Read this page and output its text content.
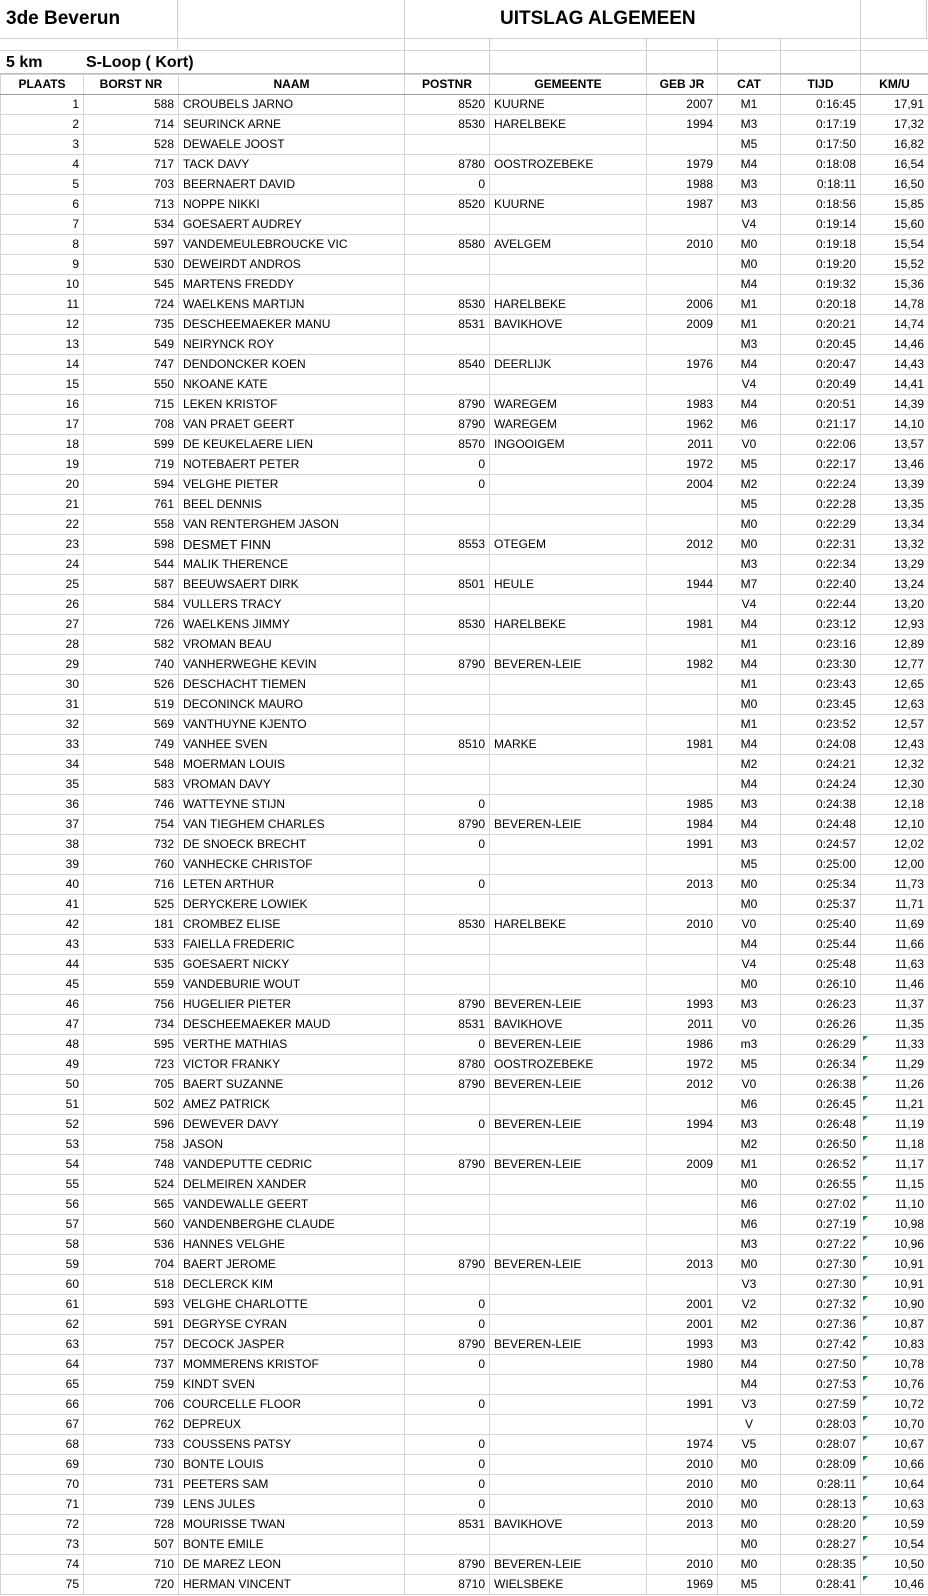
3de Beverun	UITSLAG ALGEMEEN
5 km	S-Loop ( Kort)
PLAATS	BORST NR	NAAM	POSTNR	GEMEENTE	GEB JR	CAT	TIJD	KM/U
1	588	CROUBELS JARNO	8520	KUURNE	2007	M1	0:16:45	17,91
2	714	SEURINCK ARNE	8530	HARELBEKE	1994	M3	0:17:19	17,32
3	528	DEWAELE JOOST				M5	0:17:50	16,82
4	717	TACK DAVY	8780	OOSTROZEBEKE	1979	M4	0:18:08	16,54
5	703	BEERNAERT DAVID	0		1988	M3	0:18:11	16,50
6	713	NOPPE NIKKI	8520	KUURNE	1987	M3	0:18:56	15,85
7	534	GOESAERT AUDREY				V4	0:19:14	15,60
8	597	VANDEMEULEBROUCKE VIC	8580	AVELGEM	2010	M0	0:19:18	15,54
9	530	DEWEIRDT ANDROS				M0	0:19:20	15,52
10	545	MARTENS FREDDY				M4	0:19:32	15,36
11	724	WAELKENS MARTIJN	8530	HARELBEKE	2006	M1	0:20:18	14,78
12	735	DESCHEEMAEKER MANU	8531	BAVIKHOVE	2009	M1	0:20:21	14,74
13	549	NEIRYNCK ROY				M3	0:20:45	14,46
14	747	DENDONCKER KOEN	8540	DEERLIJK	1976	M4	0:20:47	14,43
15	550	NKOANE KATE				V4	0:20:49	14,41
16	715	LEKEN KRISTOF	8790	WAREGEM	1983	M4	0:20:51	14,39
17	708	VAN PRAET GEERT	8790	WAREGEM	1962	M6	0:21:17	14,10
18	599	DE KEUKELAERE LIEN	8570	INGOOIGEM	2011	V0	0:22:06	13,57
19	719	NOTEBAERT PETER	0		1972	M5	0:22:17	13,46
20	594	VELGHE PIETER	0		2004	M2	0:22:24	13,39
21	761	BEEL DENNIS				M5	0:22:28	13,35
22	558	VAN RENTERGHEM JASON				M0	0:22:29	13,34
23	598	DESMET FINN	8553	OTEGEM	2012	M0	0:22:31	13,32
24	544	MALIK THERENCE				M3	0:22:34	13,29
25	587	BEEUWSAERT DIRK	8501	HEULE	1944	M7	0:22:40	13,24
26	584	VULLERS TRACY				V4	0:22:44	13,20
27	726	WAELKENS JIMMY	8530	HARELBEKE	1981	M4	0:23:12	12,93
28	582	VROMAN BEAU				M1	0:23:16	12,89
29	740	VANHERWEGHE KEVIN	8790	BEVEREN-LEIE	1982	M4	0:23:30	12,77
30	526	DESCHACHT TIEMEN				M1	0:23:43	12,65
31	519	DECONINCK MAURO				M0	0:23:45	12,63
32	569	VANTHUYNE KJENTO				M1	0:23:52	12,57
33	749	VANHEE SVEN	8510	MARKE	1981	M4	0:24:08	12,43
34	548	MOERMAN LOUIS				M2	0:24:21	12,32
35	583	VROMAN DAVY				M4	0:24:24	12,30
36	746	WATTEYNE STIJN	0		1985	M3	0:24:38	12,18
37	754	VAN TIEGHEM CHARLES	8790	BEVEREN-LEIE	1984	M4	0:24:48	12,10
38	732	DE SNOECK BRECHT	0		1991	M3	0:24:57	12,02
39	760	VANHECKE CHRISTOF				M5	0:25:00	12,00
40	716	LETEN ARTHUR	0		2013	M0	0:25:34	11,73
41	525	DERYCKERE LOWIEK				M0	0:25:37	11,71
42	181	CROMBEZ ELISE	8530	HARELBEKE	2010	V0	0:25:40	11,69
43	533	FAIELLA FREDERIC				M4	0:25:44	11,66
44	535	GOESAERT NICKY				V4	0:25:48	11,63
45	559	VANDEBURIE WOUT				M0	0:26:10	11,46
46	756	HUGELIER PIETER	8790	BEVEREN-LEIE	1993	M3	0:26:23	11,37
47	734	DESCHEEMAEKER MAUD	8531	BAVIKHOVE	2011	V0	0:26:26	11,35
48	595	VERTHE MATHIAS	0	BEVEREN-LEIE	1986	m3	0:26:29	11,33
49	723	VICTOR FRANKY	8780	OOSTROZEBEKE	1972	M5	0:26:34	11,29
50	705	BAERT SUZANNE	8790	BEVEREN-LEIE	2012	V0	0:26:38	11,26
51	502	AMEZ PATRICK				M6	0:26:45	11,21
52	596	DEWEVER DAVY	0	BEVEREN-LEIE	1994	M3	0:26:48	11,19
53	758	JASON				M2	0:26:50	11,18
54	748	VANDEPUTTE CEDRIC	8790	BEVEREN-LEIE	2009	M1	0:26:52	11,17
55	524	DELMEIREN XANDER				M0	0:26:55	11,15
56	565	VANDEWALLE GEERT				M6	0:27:02	11,10
57	560	VANDENBERGHE CLAUDE				M6	0:27:19	10,98
58	536	HANNES VELGHE				M3	0:27:22	10,96
59	704	BAERT JEROME	8790	BEVEREN-LEIE	2013	M0	0:27:30	10,91
60	518	DECLERCK KIM				V3	0:27:30	10,91
61	593	VELGHE CHARLOTTE	0		2001	V2	0:27:32	10,90
62	591	DEGRYSE CYRAN	0		2001	M2	0:27:36	10,87
63	757	DECOCK JASPER	8790	BEVEREN-LEIE	1993	M3	0:27:42	10,83
64	737	MOMMERENS KRISTOF	0		1980	M4	0:27:50	10,78
65	759	KINDT SVEN				M4	0:27:53	10,76
66	706	COURCELLE FLOOR	0		1991	V3	0:27:59	10,72
67	762	DEPREUX				V	0:28:03	10,70
68	733	COUSSENS PATSY	0		1974	V5	0:28:07	10,67
69	730	BONTE LOUIS	0		2010	M0	0:28:09	10,66
70	731	PEETERS SAM	0		2010	M0	0:28:11	10,64
71	739	LENS JULES	0		2010	M0	0:28:13	10,63
72	728	MOURISSE TWAN	8531	BAVIKHOVE	2013	M0	0:28:20	10,59
73	507	BONTE EMILE				M0	0:28:27	10,54
74	710	DE MAREZ LEON	8790	BEVEREN-LEIE	2010	M0	0:28:35	10,50
75	720	HERMAN VINCENT	8710	WIELSBEKE	1969	M5	0:28:41	10,46
